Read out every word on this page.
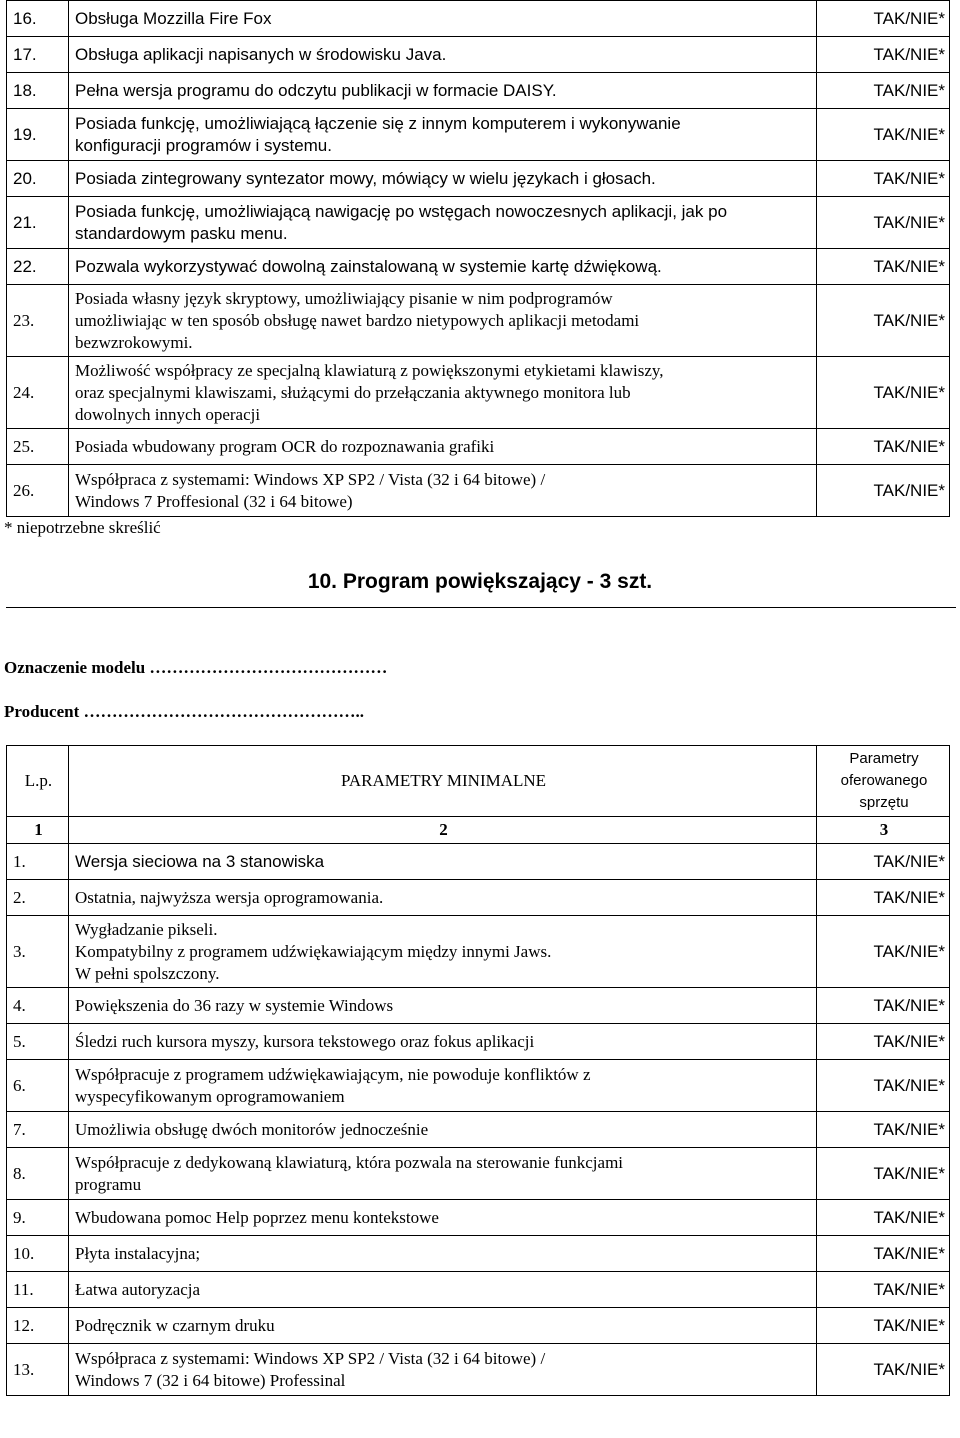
16.	Obsługa Mozzilla Fire Fox	TAK/NIE*
17.	Obsługa aplikacji napisanych w środowisku Java.	TAK/NIE*
18.	Pełna wersja programu do odczytu publikacji w formacie DAISY.	TAK/NIE*
19.	Posiada funkcję, umożliwiającą łączenie się z innym komputerem i wykonywanie
konfiguracji programów i systemu.	TAK/NIE*
20.	Posiada zintegrowany syntezator mowy, mówiący w wielu językach i głosach.	TAK/NIE*
21.	Posiada funkcję, umożliwiającą nawigację po wstęgach nowoczesnych aplikacji, jak po
standardowym pasku menu.	TAK/NIE*
22.	Pozwala wykorzystywać dowolną zainstalowaną w systemie kartę dźwiękową.	TAK/NIE*
23.	Posiada własny język skryptowy, umożliwiający pisanie w nim podprogramów
umożliwiając w ten sposób obsługę nawet bardzo nietypowych aplikacji metodami
bezwzrokowymi.	TAK/NIE*
24.	Możliwość współpracy ze specjalną klawiaturą z powiększonymi etykietami klawiszy,
oraz specjalnymi klawiszami, służącymi do przełączania aktywnego monitora lub
dowolnych innych operacji	TAK/NIE*
25.	Posiada wbudowany program OCR do rozpoznawania grafiki	TAK/NIE*
26.	Współpraca z systemami: Windows XP SP2 / Vista (32 i 64 bitowe) /
Windows 7 Proffesional (32 i 64 bitowe)	TAK/NIE*
* niepotrzebne skreślić
10. Program powiększający - 3 szt.
Oznaczenie modelu ……………………………………
Producent …………………………………………..
L.p.	PARAMETRY MINIMALNE	Parametry
oferowanego
sprzętu

1	2	3
1.	Wersja sieciowa na 3 stanowiska	TAK/NIE*
2.	Ostatnia, najwyższa wersja oprogramowania.	TAK/NIE*
3.	Wygładzanie pikseli.
Kompatybilny z programem udźwiękawiającym między innymi Jaws.
W pełni spolszczony.	TAK/NIE*
4.	Powiększenia do 36 razy w systemie Windows	TAK/NIE*
5.	Śledzi ruch kursora myszy, kursora tekstowego oraz fokus aplikacji	TAK/NIE*
6.	Współpracuje z programem udźwiękawiającym, nie powoduje konfliktów z
wyspecyfikowanym oprogramowaniem	TAK/NIE*
7.	Umożliwia obsługę dwóch monitorów jednocześnie	TAK/NIE*
8.	Współpracuje z dedykowaną klawiaturą, która pozwala na sterowanie funkcjami
programu	TAK/NIE*
9.	Wbudowana pomoc Help poprzez menu kontekstowe	TAK/NIE*
10.	Płyta instalacyjna;	TAK/NIE*
11.	Łatwa autoryzacja	TAK/NIE*
12.	Podręcznik w czarnym druku	TAK/NIE*
13.	Współpraca z systemami: Windows XP SP2 / Vista (32 i 64 bitowe) /
Windows 7 (32 i 64 bitowe) Professinal	TAK/NIE*
